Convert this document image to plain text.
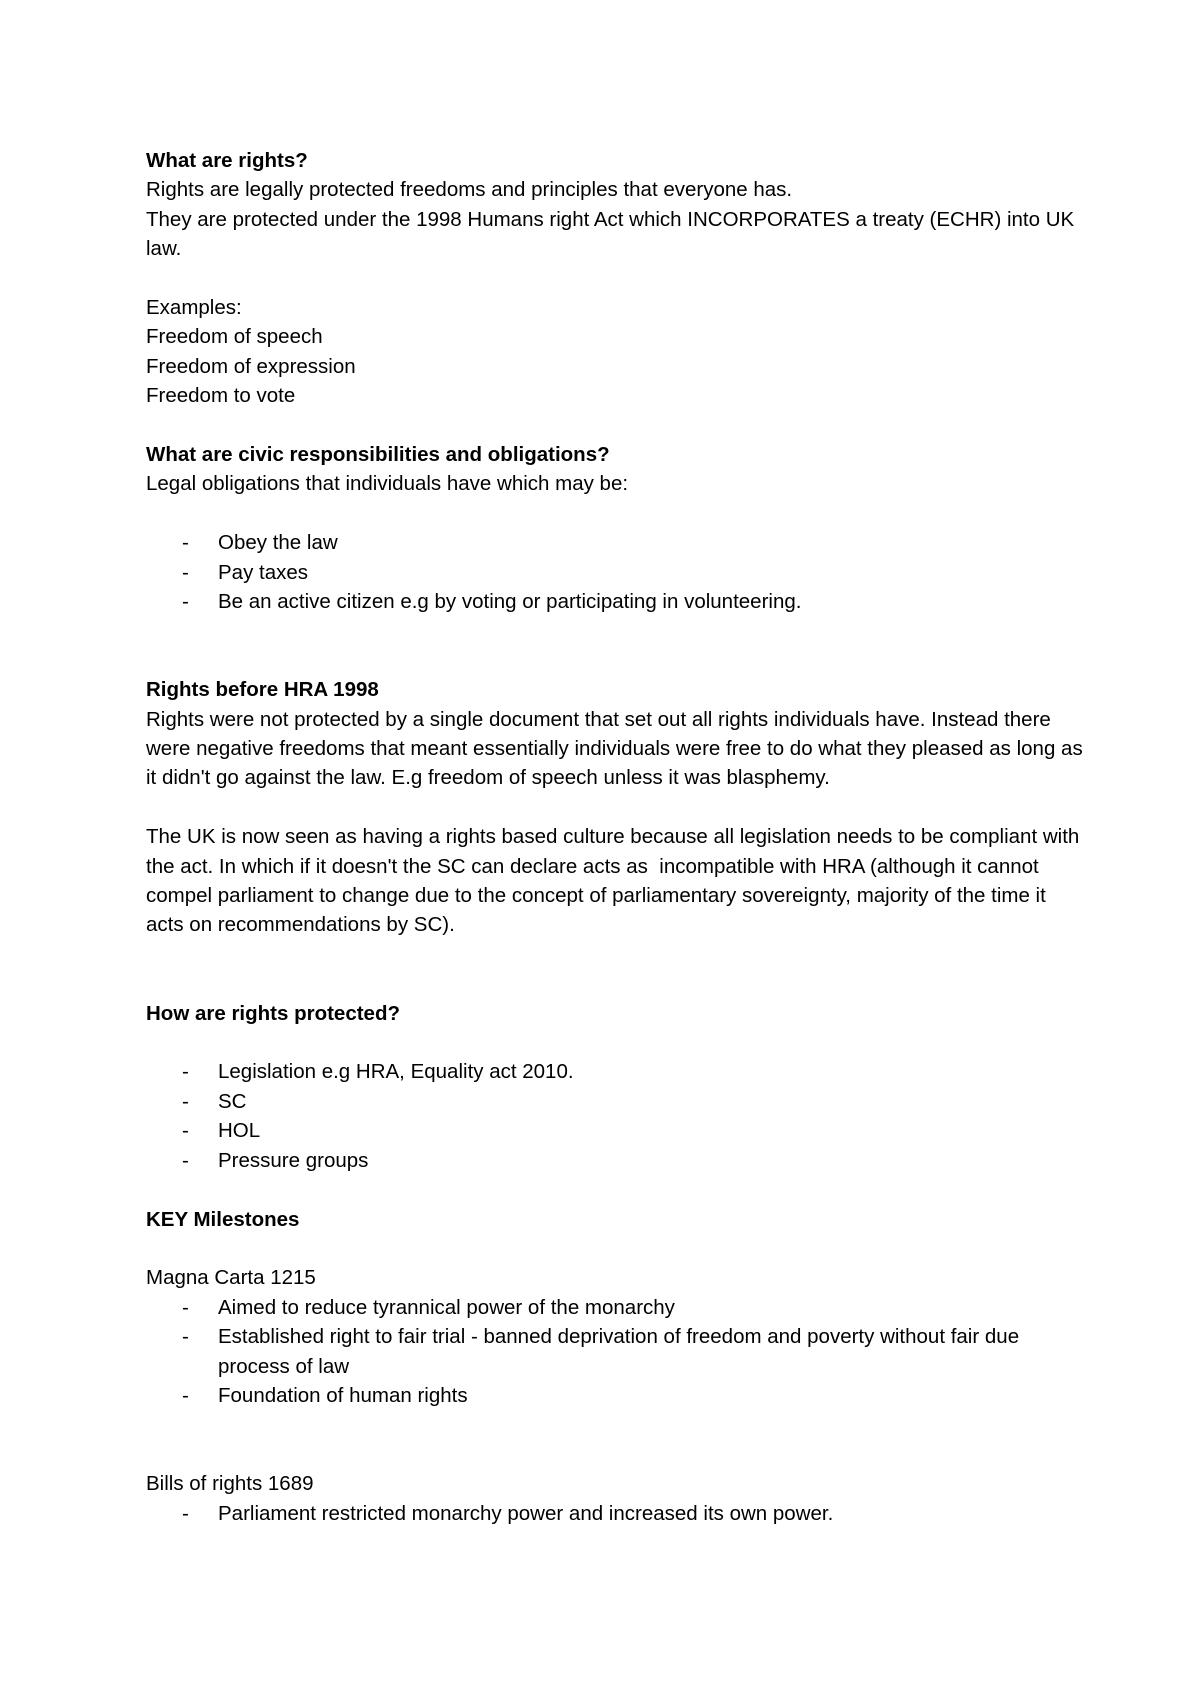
What are rights?
Rights are legally protected freedoms and principles that everyone has.
They are protected under the 1998 Humans right Act which INCORPORATES a treaty (ECHR) into UK law.
Examples:
Freedom of speech
Freedom of expression
Freedom to vote
What are civic responsibilities and obligations?
Legal obligations that individuals have which may be:
- Obey the law
- Pay taxes
- Be an active citizen e.g by voting or participating in volunteering.
Rights before HRA 1998
Rights were not protected by a single document that set out all rights individuals have. Instead there were negative freedoms that meant essentially individuals were free to do what they pleased as long as it didn't go against the law. E.g freedom of speech unless it was blasphemy.
The UK is now seen as having a rights based culture because all legislation needs to be compliant with the act. In which if it doesn't the SC can declare acts as  incompatible with HRA (although it cannot compel parliament to change due to the concept of parliamentary sovereignty, majority of the time it acts on recommendations by SC).
How are rights protected?
- Legislation e.g HRA, Equality act 2010.
- SC
- HOL
- Pressure groups
KEY Milestones
Magna Carta 1215
- Aimed to reduce tyrannical power of the monarchy
- Established right to fair trial - banned deprivation of freedom and poverty without fair due process of law
- Foundation of human rights
Bills of rights 1689
- Parliament restricted monarchy power and increased its own power.
